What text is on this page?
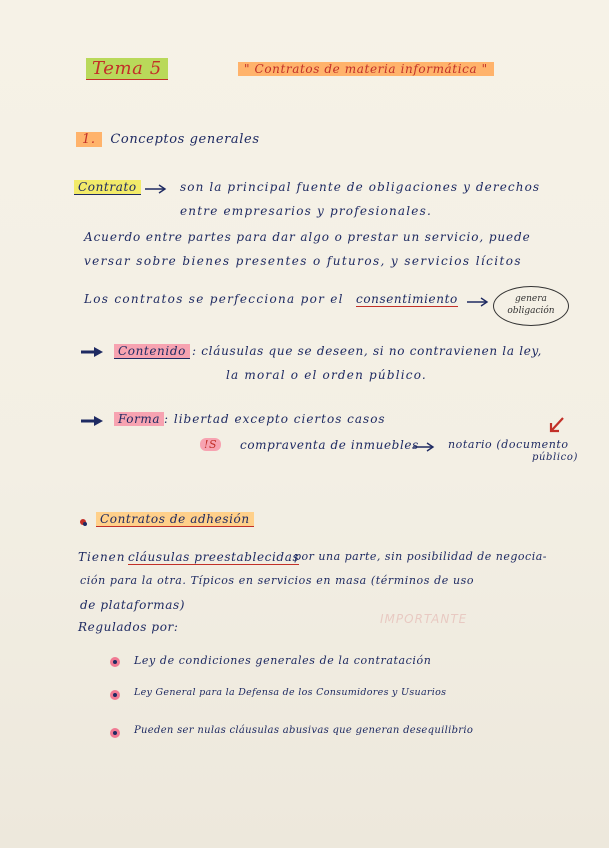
Tema 5	" Contratos de materia informática "
1. Conceptos generales
Contrato	son la principal fuente de obligaciones y derechos
entre empresarios y profesionales.
Acuerdo entre partes para dar algo o prestar un servicio, puede
versar sobre bienes presentes o futuros, y servicios lícitos
Los contratos se perfecciona por el consentimiento	genera obligación
Contenido : cláusulas que se deseen, si no contravienen la ley,
la moral o el orden público.
Forma : libertad excepto ciertos casos
!S	compraventa de inmuebles	notario (documento
público)
Contratos de adhesión
Tienen cláusulas preestablecidas
por una parte, sin posibilidad de negocia-
ción para la otra. Típicos en servicios en masa (términos de uso
de plataformas)
Regulados por:
IMPORTANTE
Ley de condiciones generales de la contratación
Ley General para la Defensa de los Consumidores y Usuarios
Pueden ser nulas cláusulas abusivas que generan desequilibrio
